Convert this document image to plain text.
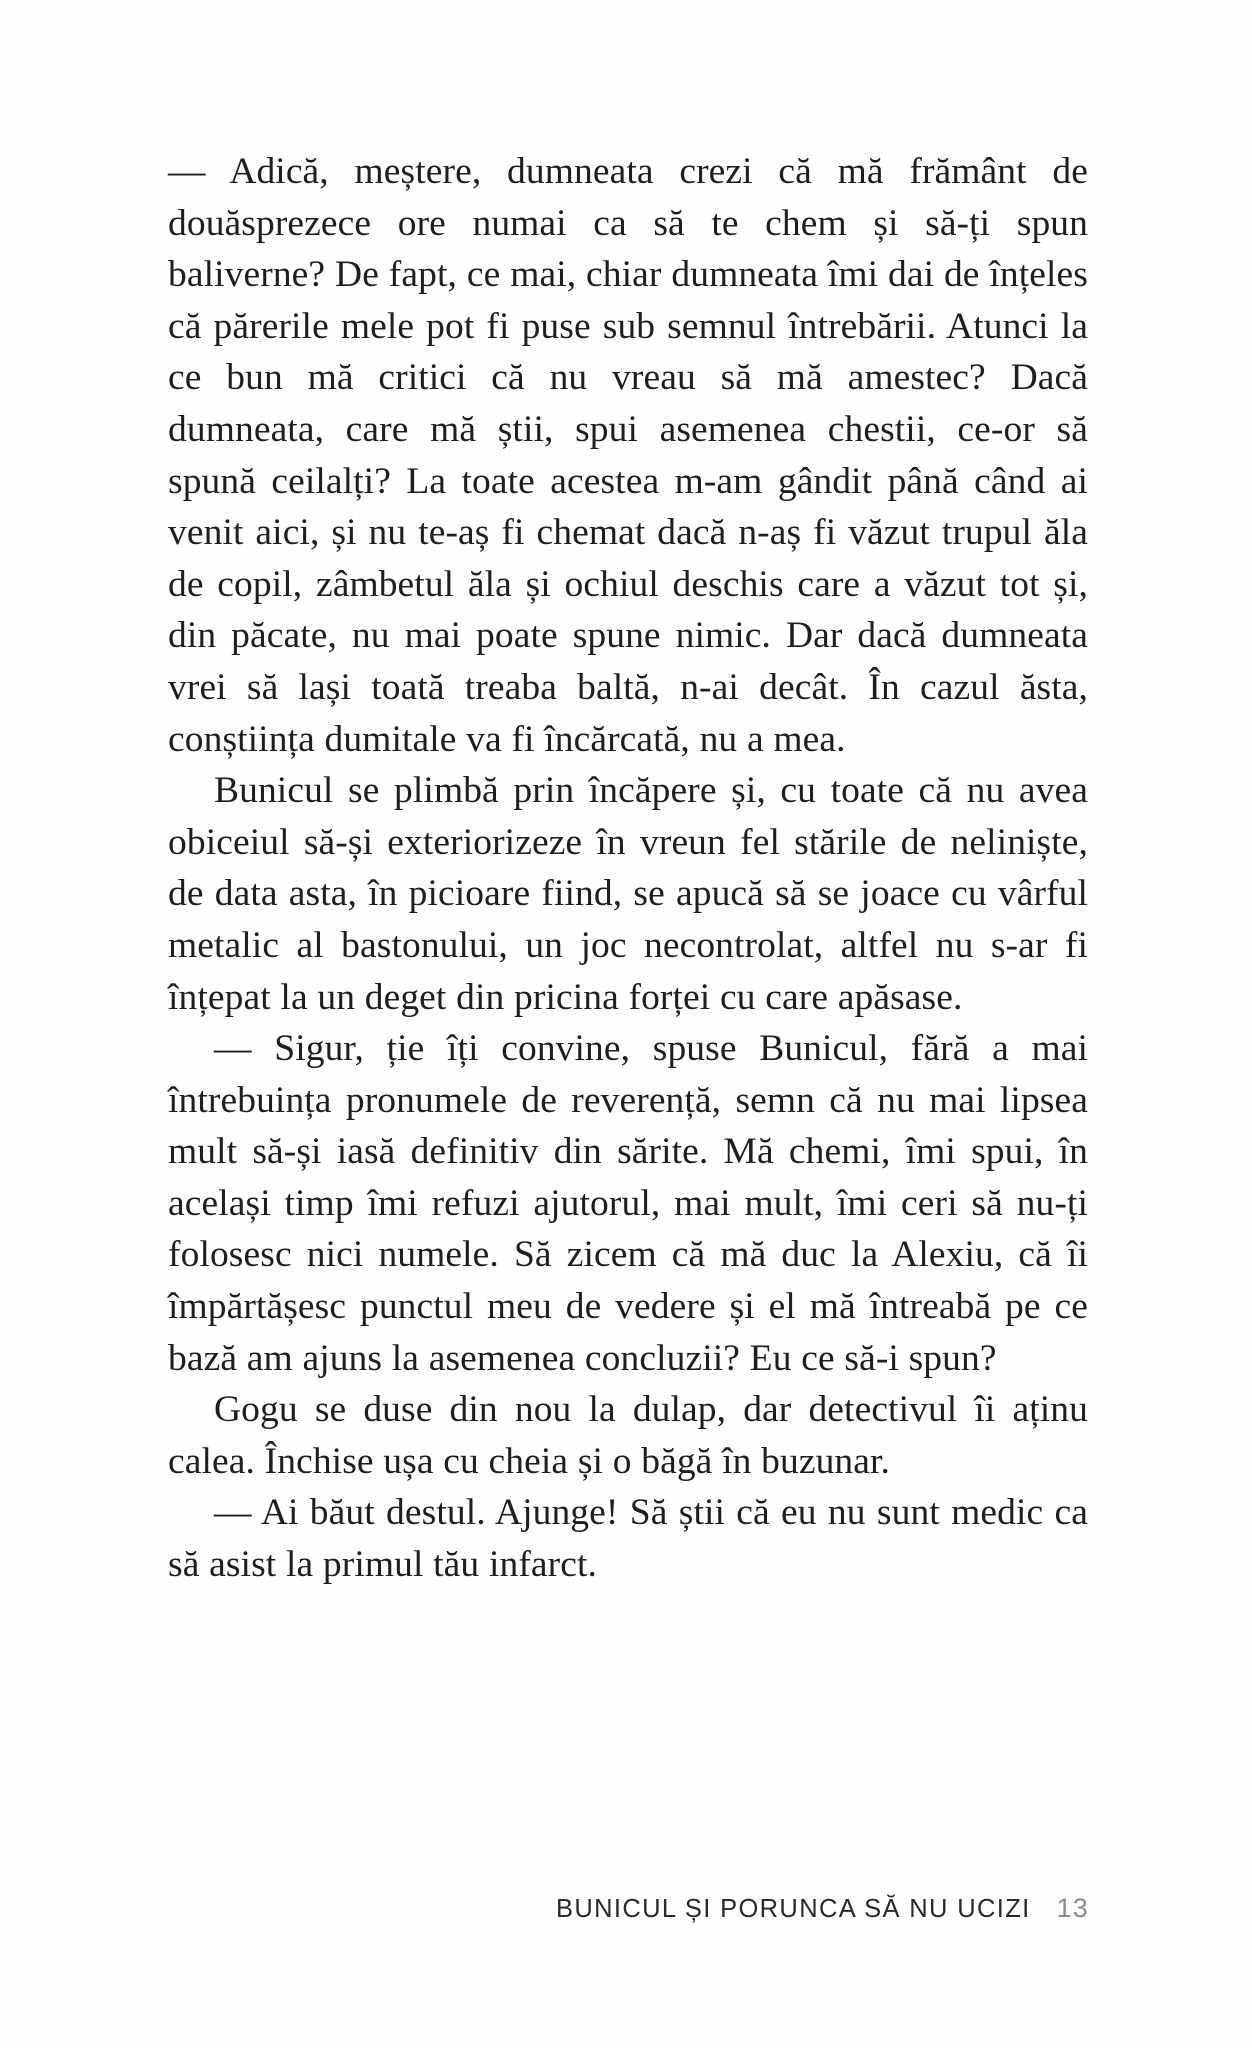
— Adică, meștere, dumneata crezi că mă frământ de douăsprezece ore numai ca să te chem și să-ți spun balivernе? De fapt, ce mai, chiar dumneata îmi dai de înțeles că părerile mele pot fi puse sub semnul întrebării. Atunci la ce bun mă critici că nu vreau să mă amestec? Dacă dumneata, care mă știi, spui asemenea chestii, ce-or să spună ceilalți? La toate acestea m-am gândit până când ai venit aici, și nu te-aș fi chemat dacă n-aș fi văzut trupul ăla de copil, zâmbetul ăla și ochiul deschis care a văzut tot și, din păcate, nu mai poate spune nimic. Dar dacă dumneata vrei să lași toată treaba baltă, n-ai decât. În cazul ăsta, conștiința dumitale va fi încărcată, nu a mea.

Bunicul se plimbă prin încăpere și, cu toate că nu avea obiceiul să-și exteriorizeze în vreun fel stările de neliniște, de data asta, în picioare fiind, se apucă să se joace cu vârful metalic al bastonului, un joc necontrolat, altfel nu s-ar fi înțepat la un deget din pricina forței cu care apăsase.

— Sigur, ție îți convine, spuse Bunicul, fără a mai întrebuința pronumele de reverență, semn că nu mai lipsea mult să-și iasă definitiv din sărite. Mă chemi, îmi spui, în același timp îmi refuzi ajutorul, mai mult, îmi ceri să nu-ți folosesc nici numele. Să zicem că mă duc la Alexiu, că îi împărtășesc punctul meu de vedere și el mă întreabă pe ce bază am ajuns la asemenea concluzii? Eu ce să-i spun?

Gogu se duse din nou la dulap, dar detectivul îi aținu calea. Închise ușa cu cheia și o băgă în buzunar.

— Ai băut destul. Ajunge! Să știi că eu nu sunt medic ca să asist la primul tău infarct.

BUNICUL ȘI PORUNCA SĂ NU UCIZI 13
